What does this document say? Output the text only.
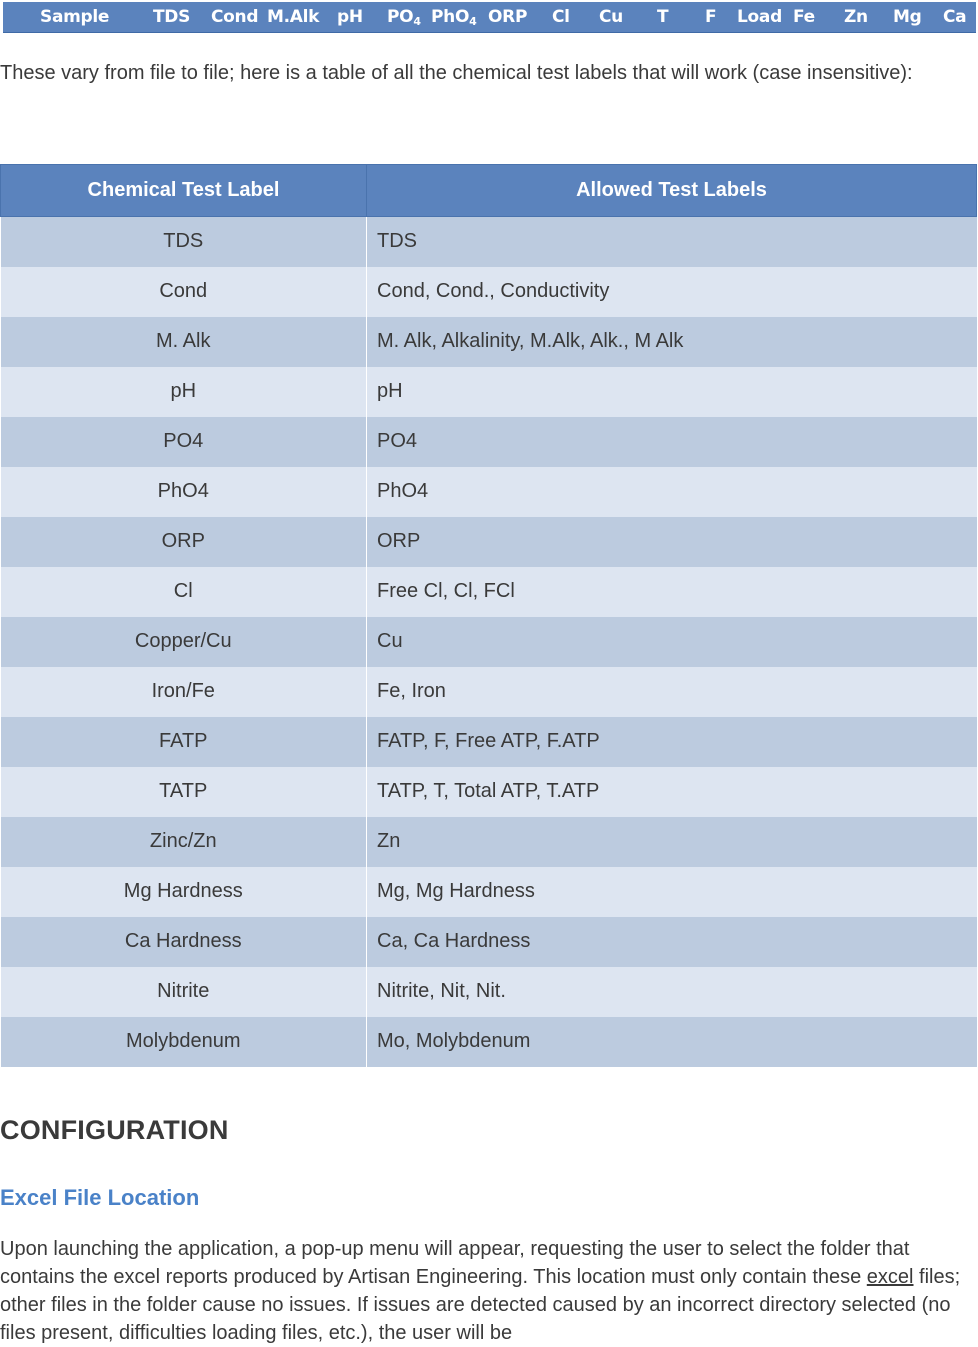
Sample	TDS Cond M.Alk pH $PO_4$ PhO$_4$ ORP Cl Cu T F Load Fe Zn Mg Ca

These vary from file to file; here is a table of all the chemical test labels that will work (case insensitive):

Chemical Test Label	Allowed Test Labels
TDS	TDS
Cond	Cond, Cond., Conductivity
M. Alk	M. Alk, Alkalinity, M.Alk, Alk., M Alk
pH	pH
PO4	PO4
PhO4	PhO4
ORP	ORP
Cl	Free Cl, Cl, FCl
Copper/Cu	Cu
Iron/Fe	Fe, Iron
FATP	FATP, F, Free ATP, F.ATP
TATP	TATP, T, Total ATP, T.ATP
Zinc/Zn	Zn
Mg Hardness	Mg, Mg Hardness
Ca Hardness	Ca, Ca Hardness
Nitrite	Nitrite, Nit, Nit.
Molybdenum	Mo, Molybdenum
CONFIGURATION
Excel File Location

Upon launching the application, a pop-up menu will appear, requesting the user to select the folder that contains the excel reports produced by Artisan Engineering. This location must only contain these excel files; other files in the folder cause no issues. If issues are detected caused by an incorrect directory selected (no files present, difficulties loading files, etc.), the user will be
